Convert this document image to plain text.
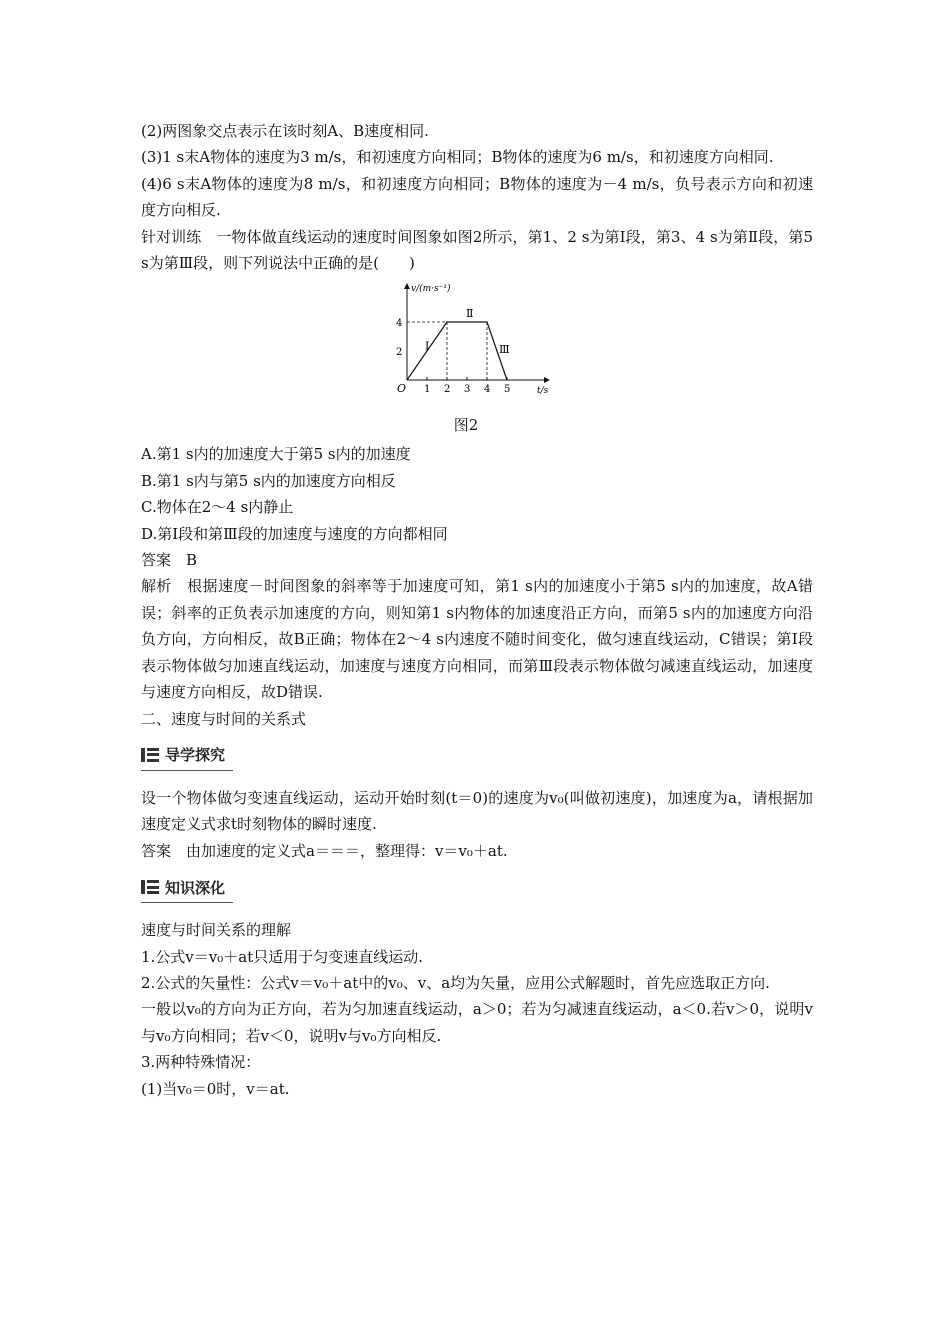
(2)两图象交点表示在该时刻A、B速度相同.

(3)1 s末A物体的速度为3 m/s，和初速度方向相同；B物体的速度为6 m/s，和初速度方向相同.

(4)6 s末A物体的速度为8 m/s，和初速度方向相同；B物体的速度为－4 m/s，负号表示方向和初速度方向相反.

针对训练　一物体做直线运动的速度时间图象如图2所示，第1、2 s为第Ⅰ段，第3、4 s为第Ⅱ段，第5 s为第Ⅲ段，则下列说法中正确的是(　　)

v/(m·s⁻¹)
t/s
O 1 2 3 4 5
2
4
Ⅰ
Ⅱ
Ⅲ
图2

A.第1 s内的加速度大于第5 s内的加速度

B.第1 s内与第5 s内的加速度方向相反

C.物体在2～4 s内静止

D.第Ⅰ段和第Ⅲ段的加速度与速度的方向都相同

答案　B

解析　根据速度－时间图象的斜率等于加速度可知，第1 s内的加速度小于第5 s内的加速度，故A错误；斜率的正负表示加速度的方向，则知第1 s内物体的加速度沿正方向，而第5 s内的加速度方向沿负方向，方向相反，故B正确；物体在2～4 s内速度不随时间变化，做匀速直线运动，C错误；第Ⅰ段表示物体做匀加速直线运动，加速度与速度方向相同，而第Ⅲ段表示物体做匀减速直线运动，加速度与速度方向相反，故D错误.

二、速度与时间的关系式

导学探究

设一个物体做匀变速直线运动，运动开始时刻(t＝0)的速度为v₀(叫做初速度)，加速度为a，请根据加速度定义式求t时刻物体的瞬时速度.

答案　由加速度的定义式a＝＝＝，整理得：v＝v₀＋at.

知识深化

速度与时间关系的理解

1.公式v＝v₀＋at只适用于匀变速直线运动.

2.公式的矢量性：公式v＝v₀＋at中的v₀、v、a均为矢量，应用公式解题时，首先应选取正方向.

一般以v₀的方向为正方向，若为匀加速直线运动，a＞0；若为匀减速直线运动，a＜0.若v＞0，说明v与v₀方向相同；若v＜0，说明v与v₀方向相反.

3.两种特殊情况：

(1)当v₀＝0时，v＝at.
